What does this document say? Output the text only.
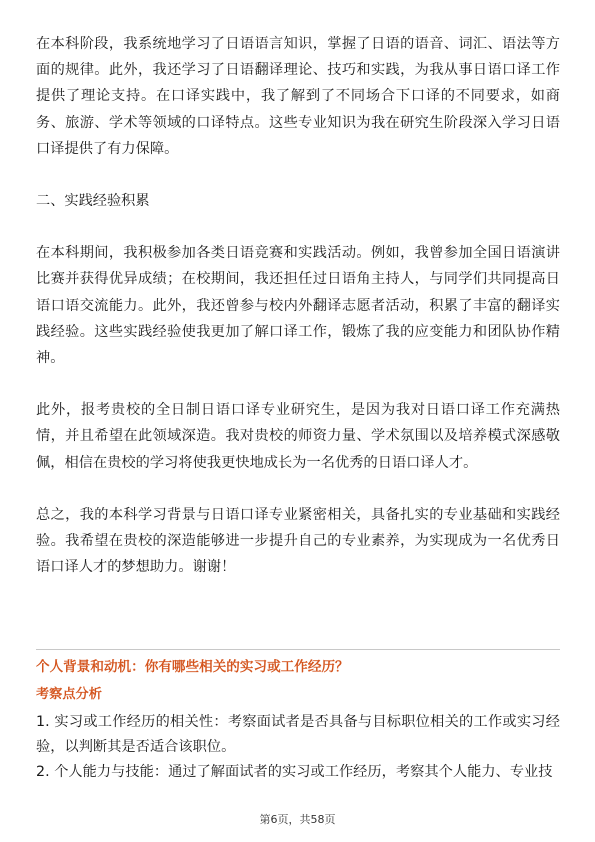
在本科阶段，我系统地学习了日语语言知识，掌握了日语的语音、词汇、语法等方面的规律。此外，我还学习了日语翻译理论、技巧和实践，为我从事日语口译工作提供了理论支持。在口译实践中，我了解到了不同场合下口译的不同要求，如商务、旅游、学术等领域的口译特点。这些专业知识为我在研究生阶段深入学习日语口译提供了有力保障。

二、实践经验积累

在本科期间，我积极参加各类日语竞赛和实践活动。例如，我曾参加全国日语演讲比赛并获得优异成绩；在校期间，我还担任过日语角主持人，与同学们共同提高日语口语交流能力。此外，我还曾参与校内外翻译志愿者活动，积累了丰富的翻译实践经验。这些实践经验使我更加了解口译工作，锻炼了我的应变能力和团队协作精神。

此外，报考贵校的全日制日语口译专业研究生，是因为我对日语口译工作充满热情，并且希望在此领域深造。我对贵校的师资力量、学术氛围以及培养模式深感敬佩，相信在贵校的学习将使我更快地成长为一名优秀的日语口译人才。

总之，我的本科学习背景与日语口译专业紧密相关，具备扎实的专业基础和实践经验。我希望在贵校的深造能够进一步提升自己的专业素养，为实现成为一名优秀日语口译人才的梦想助力。谢谢！

个人背景和动机：你有哪些相关的实习或工作经历？

考察点分析

1. 实习或工作经历的相关性：考察面试者是否具备与目标职位相关的工作或实习经验，以判断其是否适合该职位。

2. 个人能力与技能：通过了解面试者的实习或工作经历，考察其个人能力、专业技

第6页，共58页
